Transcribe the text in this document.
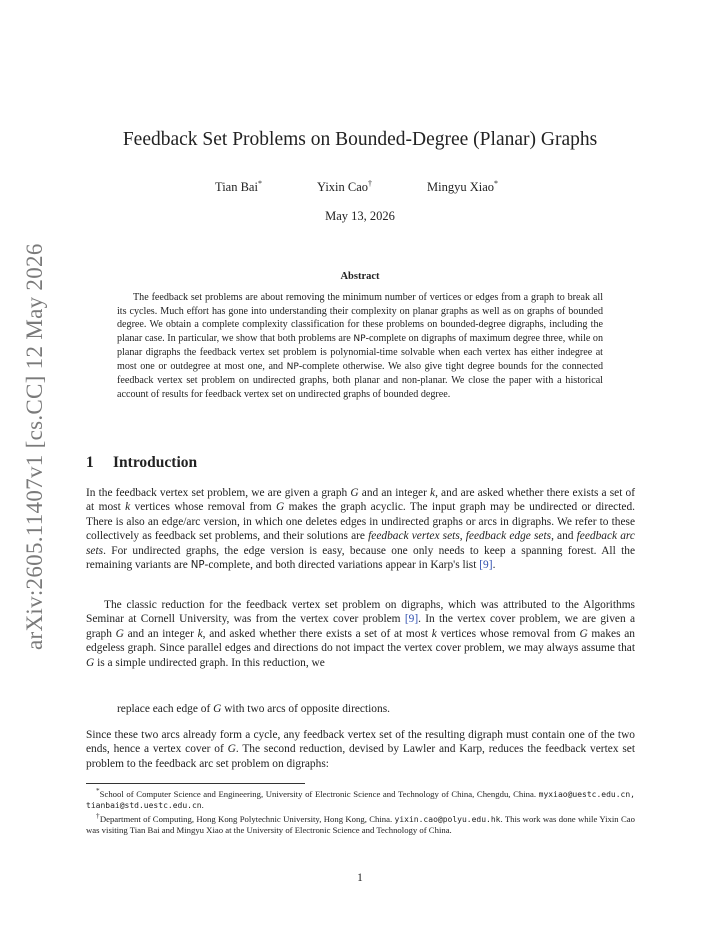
arXiv:2605.11407v1 [cs.CC] 12 May 2026
Feedback Set Problems on Bounded-Degree (Planar) Graphs
Tian Bai*	Yixin Cao†	Mingyu Xiao*
May 13, 2026
Abstract

The feedback set problems are about removing the minimum number of vertices or edges from a graph to break all its cycles. Much effort has gone into understanding their complexity on planar graphs as well as on graphs of bounded degree. We obtain a complete complexity classification for these problems on bounded-degree digraphs, including the planar case. In particular, we show that both problems are NP-complete on digraphs of maximum degree three, while on planar digraphs the feedback vertex set problem is polynomial-time solvable when each vertex has either indegree at most one or outdegree at most one, and NP-complete otherwise. We also give tight degree bounds for the connected feedback vertex set problem on undirected graphs, both planar and non-planar. We close the paper with a historical account of results for feedback vertex set on undirected graphs of bounded degree.

1 Introduction

In the feedback vertex set problem, we are given a graph G and an integer k, and are asked whether there exists a set of at most k vertices whose removal from G makes the graph acyclic. The input graph may be undirected or directed. There is also an edge/arc version, in which one deletes edges in undirected graphs or arcs in digraphs. We refer to these collectively as feedback set problems, and their solutions are feedback vertex sets, feedback edge sets, and feedback arc sets. For undirected graphs, the edge version is easy, because one only needs to keep a spanning forest. All the remaining variants are NP-complete, and both directed variations appear in Karp's list [9].

The classic reduction for the feedback vertex set problem on digraphs, which was attributed to the Algorithms Seminar at Cornell University, was from the vertex cover problem [9]. In the vertex cover problem, we are given a graph G and an integer k, and asked whether there exists a set of at most k vertices whose removal from G makes an edgeless graph. Since parallel edges and directions do not impact the vertex cover problem, we may always assume that G is a simple undirected graph. In this reduction, we

replace each edge of G with two arcs of opposite directions.

Since these two arcs already form a cycle, any feedback vertex set of the resulting digraph must contain one of the two ends, hence a vertex cover of G. The second reduction, devised by Lawler and Karp, reduces the feedback vertex set problem to the feedback arc set problem on digraphs:

*School of Computer Science and Engineering, University of Electronic Science and Technology of China, Chengdu, China. myxiao@uestc.edu.cn, tianbai@std.uestc.edu.cn.

†Department of Computing, Hong Kong Polytechnic University, Hong Kong, China. yixin.cao@polyu.edu.hk. This work was done while Yixin Cao was visiting Tian Bai and Mingyu Xiao at the University of Electronic Science and Technology of China.

1
